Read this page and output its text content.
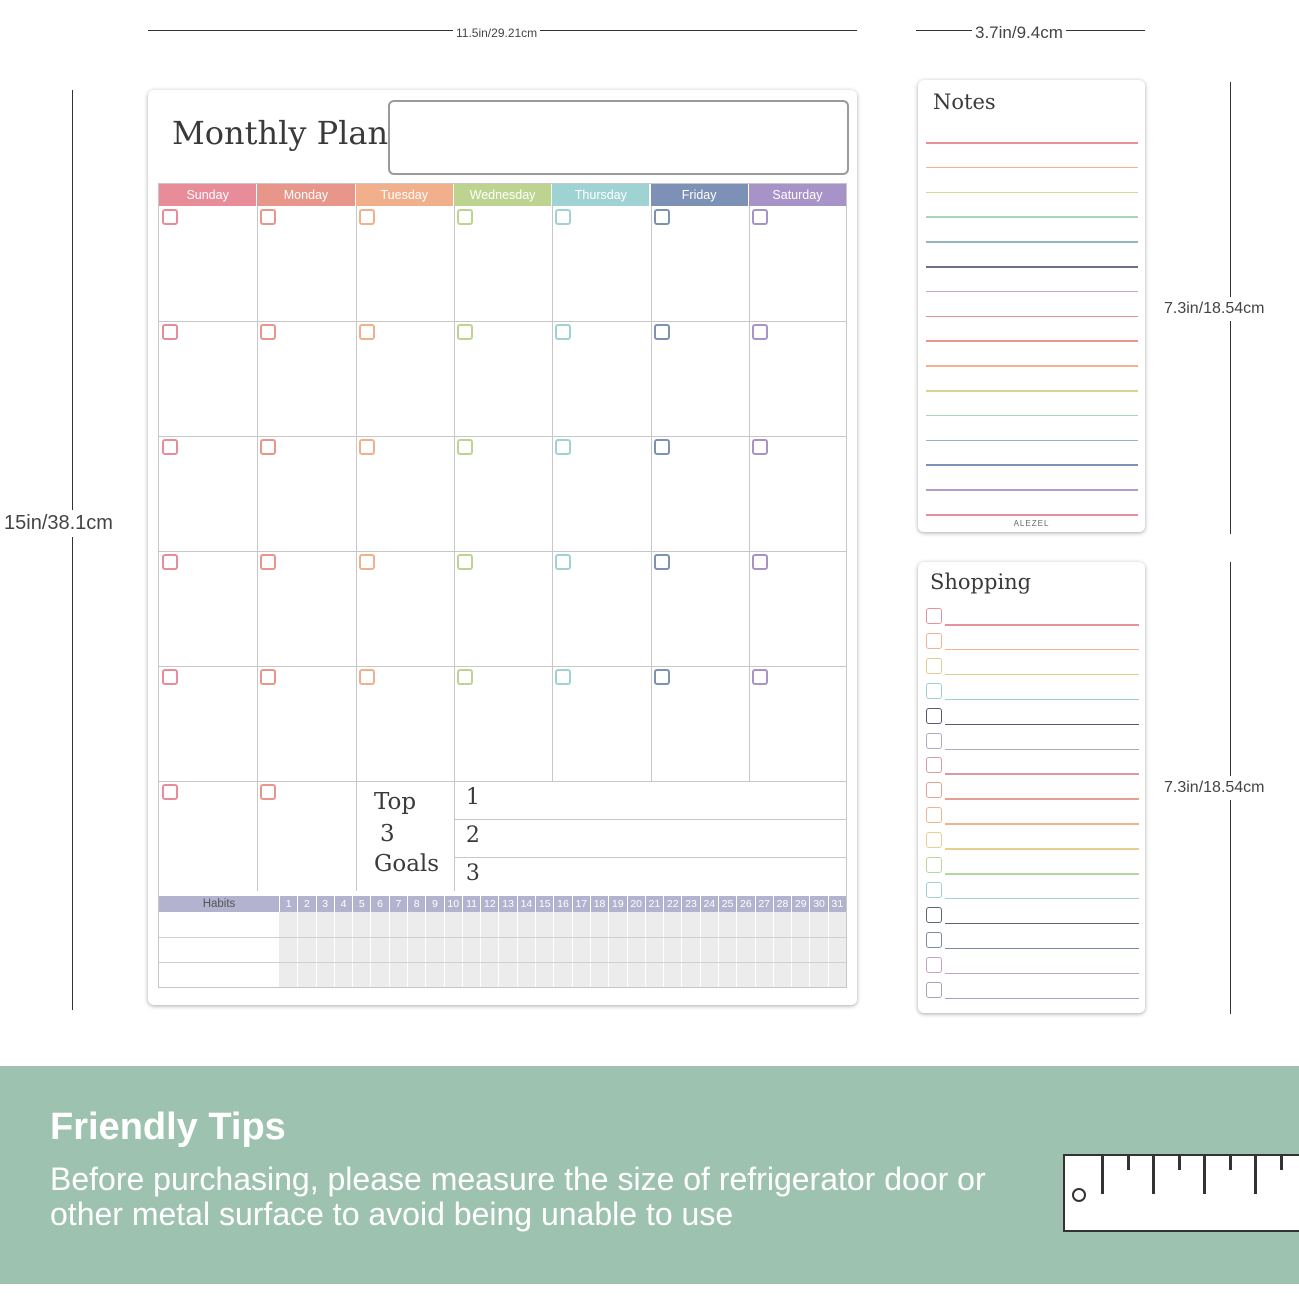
11.5in/29.21cm	3.7in/9.4cm
15in/38.1cm
7.3in/18.54cm
7.3in/18.54cm
Monthly Plan
Sunday	Monday	Tuesday	Wednesday	Thursday	Friday	Saturday
Top
3
Goals
1
2
3
Habits	1	2	3	4	5	6	7	8	9 10 11 12 13 14 15 16 17 18 19 20 21 22 23 24 25 26 27 28 29 30 31
Notes
ALEZEL
Shopping
Friendly Tips
Before purchasing, please measure the size of refrigerator door or other metal surface to avoid being unable to use
